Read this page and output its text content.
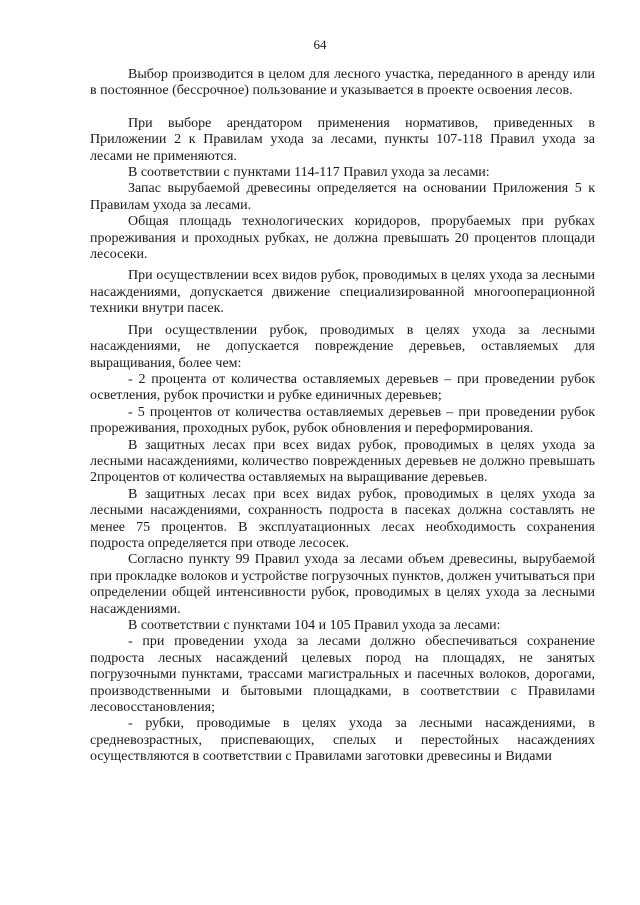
64

Выбор производится в целом для лесного участка, переданного в аренду или в постоянное (бессрочное) пользование и указывается в проекте освоения лесов.

При выборе арендатором применения нормативов, приведенных в Приложении 2 к Правилам ухода за лесами, пункты 107-118 Правил ухода за лесами не применяются.

В соответствии с пунктами 114-117 Правил ухода за лесами:

Запас вырубаемой древесины определяется на основании Приложения 5 к Правилам ухода за лесами.

Общая площадь технологических коридоров, прорубаемых при рубках прореживания и проходных рубках, не должна превышать 20 процентов площади лесосеки.

При осуществлении всех видов рубок, проводимых в целях ухода за лесными насаждениями, допускается движение специализированной многооперационной техники внутри пасек.

При осуществлении рубок, проводимых в целях ухода за лесными насаждениями, не допускается повреждение деревьев, оставляемых для выращивания, более чем:

- 2 процента от количества оставляемых деревьев – при проведении рубок осветления, рубок прочистки и рубке единичных деревьев;

- 5 процентов от количества оставляемых деревьев – при проведении рубок прореживания, проходных рубок, рубок обновления и переформирования.

В защитных лесах при всех видах рубок, проводимых в целях ухода за лесными насаждениями, количество поврежденных деревьев не должно превышать 2процентов от количества оставляемых на выращивание деревьев.

В защитных лесах при всех видах рубок, проводимых в целях ухода за лесными насаждениями, сохранность подроста в пасеках должна составлять не менее 75 процентов. В эксплуатационных лесах необходимость сохранения подроста определяется при отводе лесосек.

Согласно пункту 99 Правил ухода за лесами объем древесины, вырубаемой при прокладке волоков и устройстве погрузочных пунктов, должен учитываться при определении общей интенсивности рубок, проводимых в целях ухода за лесными насаждениями.

В соответствии с пунктами 104 и 105 Правил ухода за лесами:

- при проведении ухода за лесами должно обеспечиваться сохранение подроста лесных насаждений целевых пород на площадях, не занятых погрузочными пунктами, трассами магистральных и пасечных волоков, дорогами, производственными и бытовыми площадками, в соответствии с Правилами лесовосстановления;

- рубки, проводимые в целях ухода за лесными насаждениями, в средневозрастных, приспевающих, спелых и перестойных насаждениях осуществляются в соответствии с Правилами заготовки древесины и Видами
